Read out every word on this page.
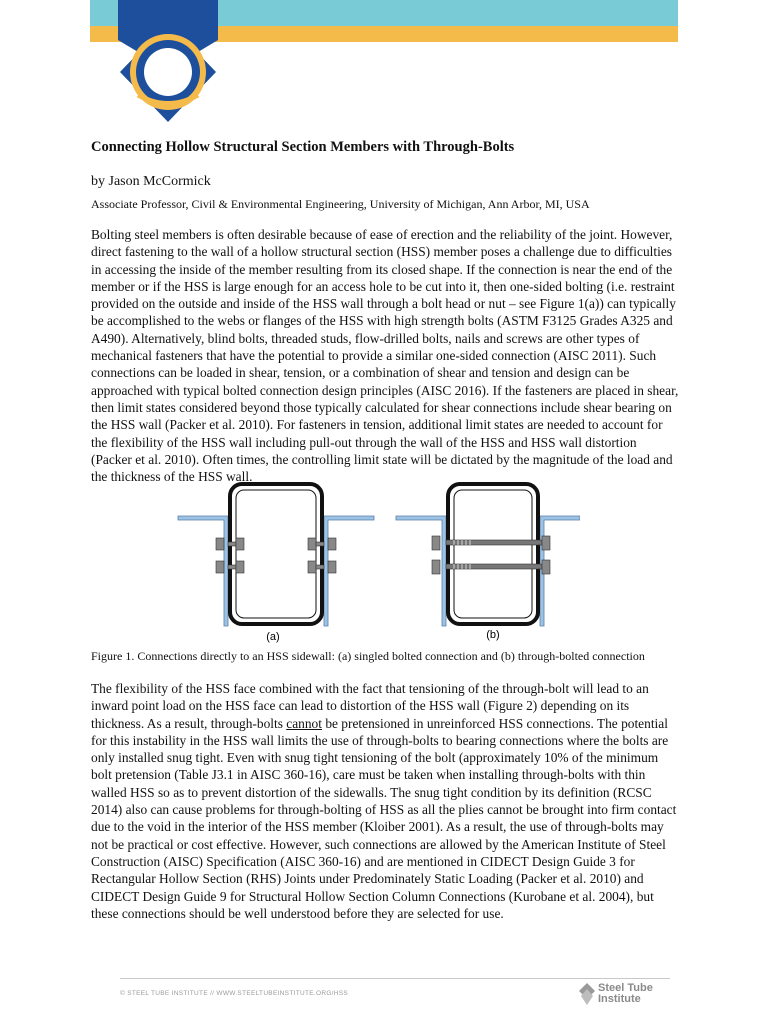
Connecting Hollow Structural Section Members with Through-Bolts

by Jason McCormick

Associate Professor, Civil & Environmental Engineering, University of Michigan, Ann Arbor, MI, USA

Bolting steel members is often desirable because of ease of erection and the reliability of the joint. However, direct fastening to the wall of a hollow structural section (HSS) member poses a challenge due to difficulties in accessing the inside of the member resulting from its closed shape. If the connection is near the end of the member or if the HSS is large enough for an access hole to be cut into it, then one-sided bolting (i.e. restraint provided on the outside and inside of the HSS wall through a bolt head or nut – see Figure 1(a)) can typically be accomplished to the webs or flanges of the HSS with high strength bolts (ASTM F3125 Grades A325 and A490). Alternatively, blind bolts, threaded studs, flow-drilled bolts, nails and screws are other types of mechanical fasteners that have the potential to provide a similar one-sided connection (AISC 2011). Such connections can be loaded in shear, tension, or a combination of shear and tension and design can be approached with typical bolted connection design principles (AISC 2016). If the fasteners are placed in shear, then limit states considered beyond those typically calculated for shear connections include shear bearing on the HSS wall (Packer et al. 2010). For fasteners in tension, additional limit states are needed to account for the flexibility of the HSS wall including pull-out through the wall of the HSS and HSS wall distortion (Packer et al. 2010). Often times, the controlling limit state will be dictated by the magnitude of the load and the thickness of the HSS wall.

(a)	(b)

Figure 1. Connections directly to an HSS sidewall: (a) singled bolted connection and (b) through-bolted connection

The flexibility of the HSS face combined with the fact that tensioning of the through-bolt will lead to an inward point load on the HSS face can lead to distortion of the HSS wall (Figure 2) depending on its thickness. As a result, through-bolts cannot be pretensioned in unreinforced HSS connections. The potential for this instability in the HSS wall limits the use of through-bolts to bearing connections where the bolts are only installed snug tight. Even with snug tight tensioning of the bolt (approximately 10% of the minimum bolt pretension (Table J3.1 in AISC 360-16), care must be taken when installing through-bolts with thin walled HSS so as to prevent distortion of the sidewalls. The snug tight condition by its definition (RCSC 2014) also can cause problems for through-bolting of HSS as all the plies cannot be brought into firm contact due to the void in the interior of the HSS member (Kloiber 2001). As a result, the use of through-bolts may not be practical or cost effective. However, such connections are allowed by the American Institute of Steel Construction (AISC) Specification (AISC 360-16) and are mentioned in CIDECT Design Guide 3 for Rectangular Hollow Section (RHS) Joints under Predominately Static Loading (Packer et al. 2010) and CIDECT Design Guide 9 for Structural Hollow Section Column Connections (Kurobane et al. 2004), but these connections should be well understood before they are selected for use.

© STEEL TUBE INSTITUTE // WWW.STEELTUBEINSTITUTE.ORG/HSS	Steel Tube
Institute
